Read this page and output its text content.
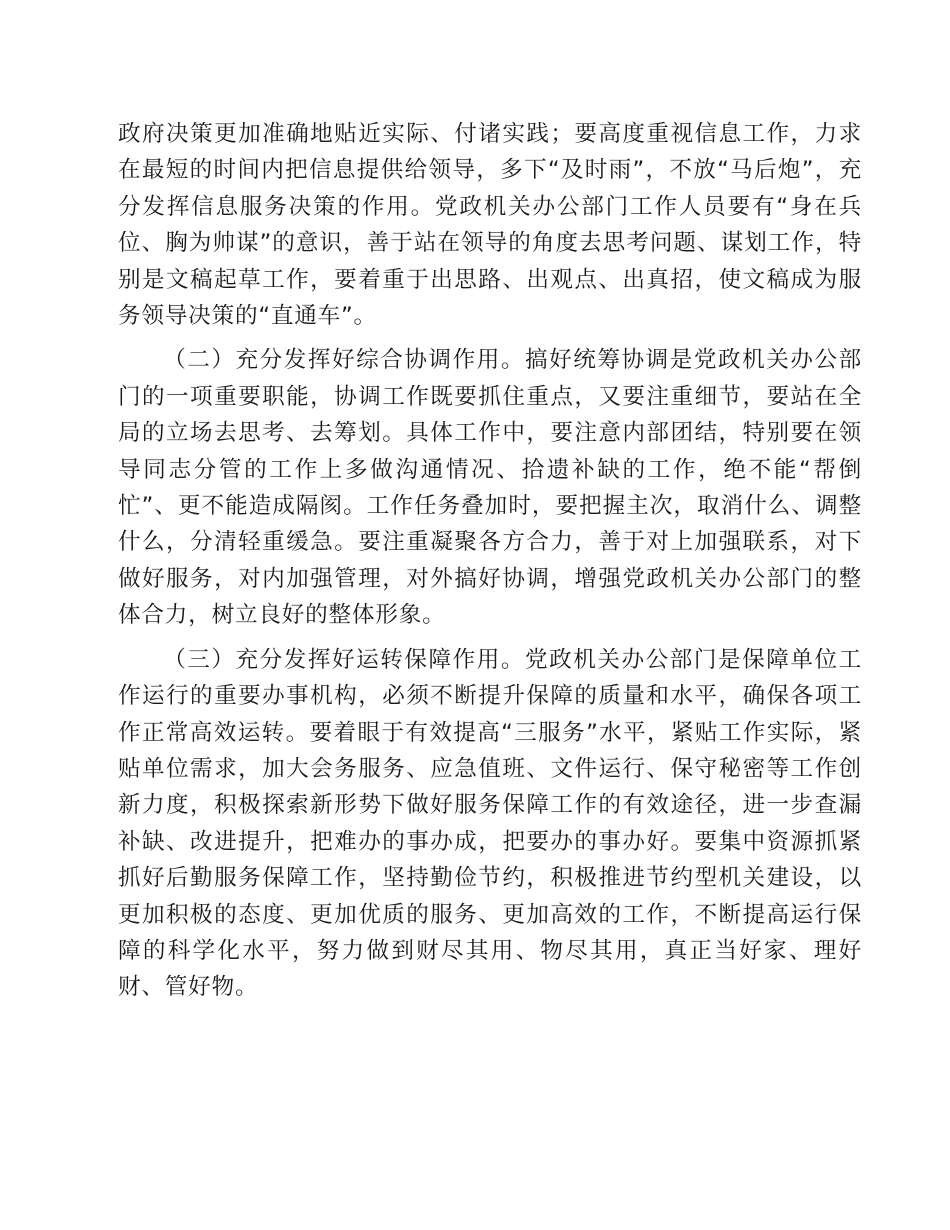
政府决策更加准确地贴近实际、付诸实践；要高度重视信息工作，力求在最短的时间内把信息提供给领导，多下“及时雨”，不放“马后炮”，充分发挥信息服务决策的作用。党政机关办公部门工作人员要有“身在兵位、胸为帅谋”的意识，善于站在领导的角度去思考问题、谋划工作，特别是文稿起草工作，要着重于出思路、出观点、出真招，使文稿成为服务领导决策的“直通车”。

（二）充分发挥好综合协调作用。搞好统筹协调是党政机关办公部门的一项重要职能，协调工作既要抓住重点，又要注重细节，要站在全局的立场去思考、去筹划。具体工作中，要注意内部团结，特别要在领导同志分管的工作上多做沟通情况、拾遗补缺的工作，绝不能“帮倒忙”、更不能造成隔阂。工作任务叠加时，要把握主次，取消什么、调整什么，分清轻重缓急。要注重凝聚各方合力，善于对上加强联系，对下做好服务，对内加强管理，对外搞好协调，增强党政机关办公部门的整体合力，树立良好的整体形象。

（三）充分发挥好运转保障作用。党政机关办公部门是保障单位工作运行的重要办事机构，必须不断提升保障的质量和水平，确保各项工作正常高效运转。要着眼于有效提高“三服务”水平，紧贴工作实际，紧贴单位需求，加大会务服务、应急值班、文件运行、保守秘密等工作创新力度，积极探索新形势下做好服务保障工作的有效途径，进一步查漏补缺、改进提升，把难办的事办成，把要办的事办好。要集中资源抓紧抓好后勤服务保障工作，坚持勤俭节约，积极推进节约型机关建设，以更加积极的态度、更加优质的服务、更加高效的工作，不断提高运行保障的科学化水平，努力做到财尽其用、物尽其用，真正当好家、理好财、管好物。
